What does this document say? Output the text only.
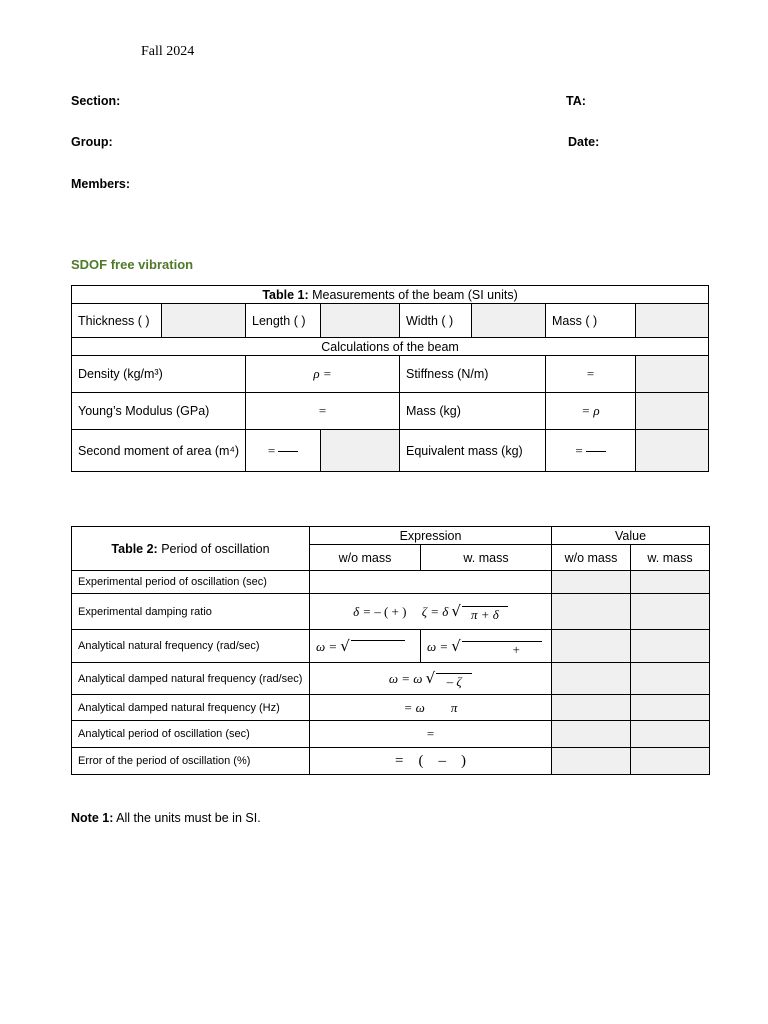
Fall 2024
Section:	TA:
Group:	Date:
Members:
SDOF free vibration
Table 1: Measurements of the beam (SI units)							
Thickness ( )		Length ( )		Width ( )		Mass ( )	
Calculations of the beam							
Density (kg/m³)		ρ =		Stiffness (N/m)		=	
Young’s Modulus (GPa)		=		Mass (kg)		= ρ	
Second moment of area (m⁴)		=		Equivalent mass (kg)		=	
Table 2: Period of oscillation	Expression		Value	
	w/o mass	w. mass	w/o mass	w. mass
Experimental period of oscillation (sec)				
Experimental damping ratio	δ = – ( + ) ζ = δ √ π + δ			
Analytical natural frequency (rad/sec)	ω = √	ω = √ +		
Analytical damped natural frequency (rad/sec)	ω = ω √ – ζ			
Analytical damped natural frequency (Hz)	= ω        π			
Analytical period of oscillation (sec)	=			
Error of the period of oscillation (%)	=    (    –    )			
Note 1: All the units must be in SI.
